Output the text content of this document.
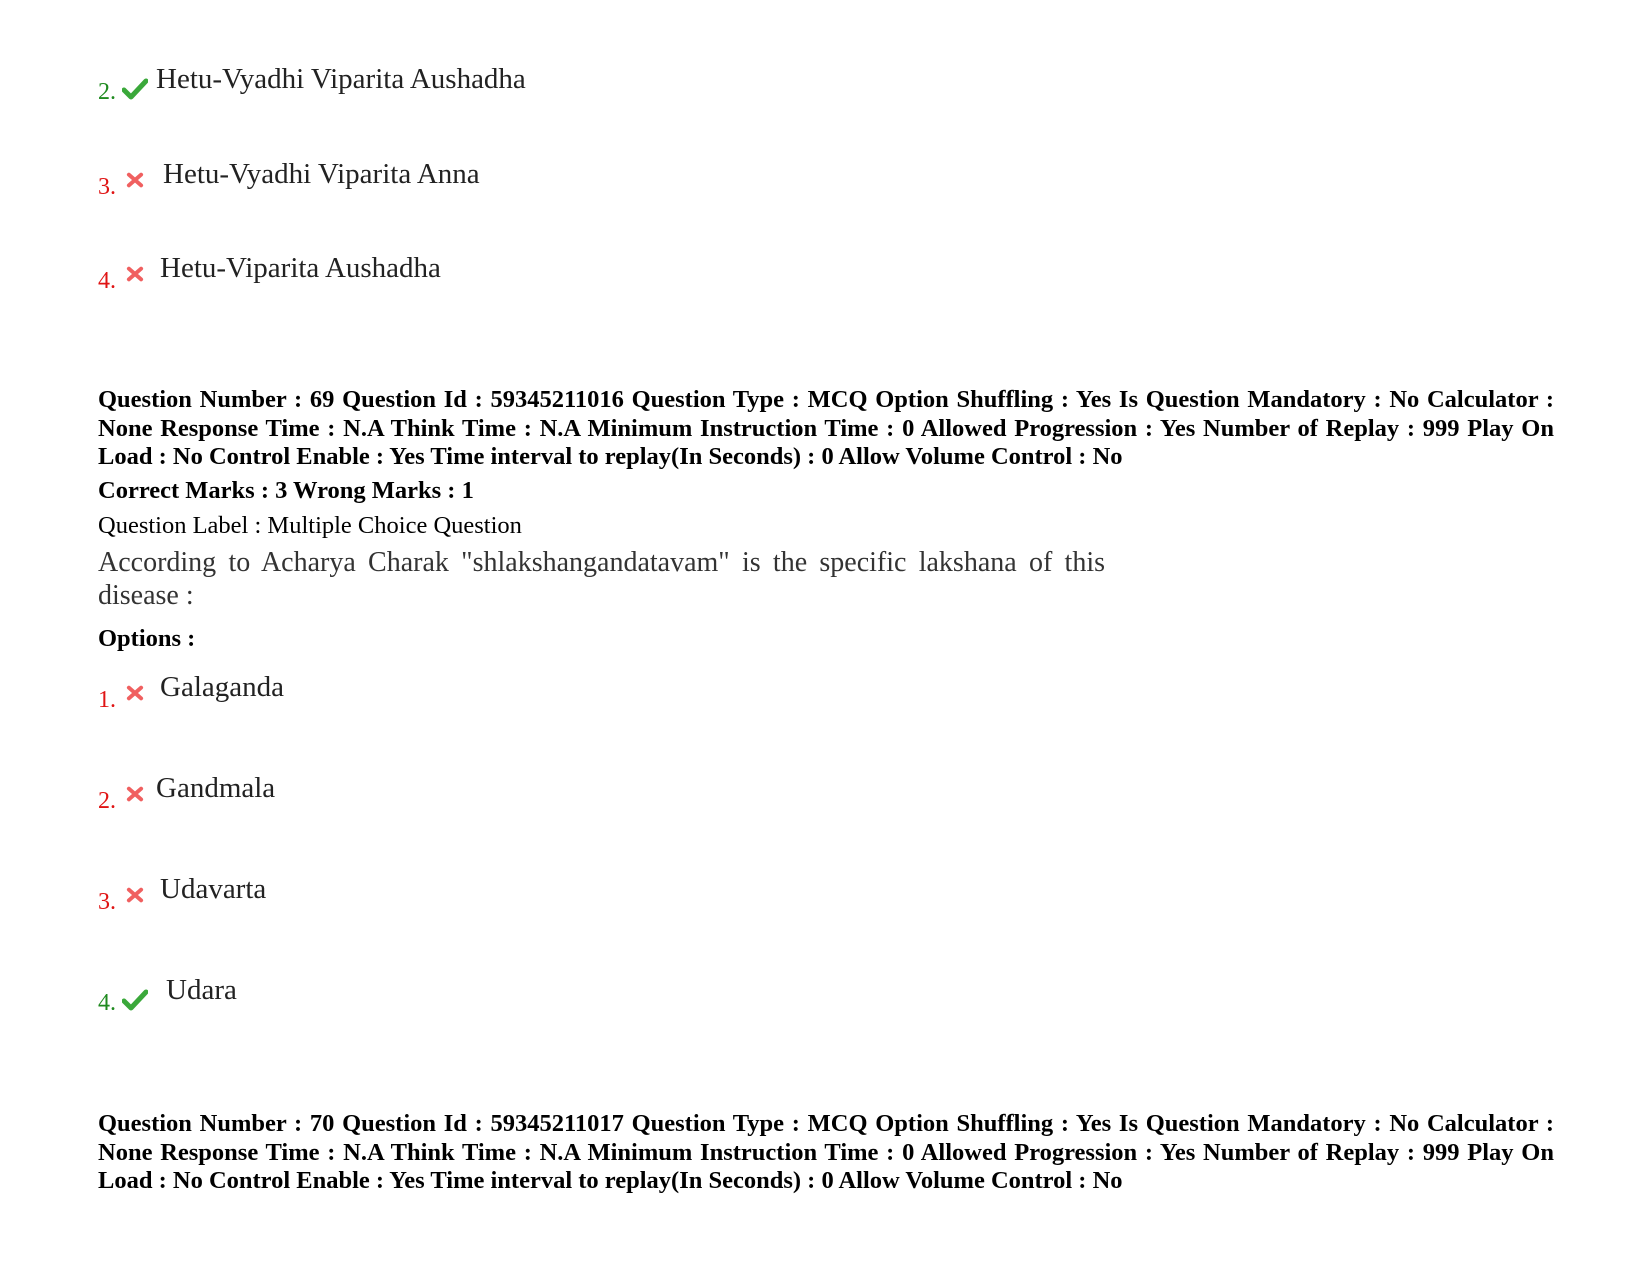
2. Hetu-Vyadhi Viparita Aushadha
3. Hetu-Vyadhi Viparita Anna
4. Hetu-Viparita Aushadha
Question Number : 69 Question Id : 59345211016 Question Type : MCQ Option Shuffling : Yes Is Question Mandatory : No Calculator : None Response Time : N.A Think Time : N.A Minimum Instruction Time : 0 Allowed Progression : Yes Number of Replay : 999 Play On Load : No Control Enable : Yes Time interval to replay(In Seconds) : 0 Allow Volume Control : No
Correct Marks : 3 Wrong Marks : 1
Question Label : Multiple Choice Question
According to Acharya Charak "shlakshangandatavam" is the specific lakshana of this disease :
Options :
1. Galaganda
2. Gandmala
3. Udavarta
4. Udara
Question Number : 70 Question Id : 59345211017 Question Type : MCQ Option Shuffling : Yes Is Question Mandatory : No Calculator : None Response Time : N.A Think Time : N.A Minimum Instruction Time : 0 Allowed Progression : Yes Number of Replay : 999 Play On Load : No Control Enable : Yes Time interval to replay(In Seconds) : 0 Allow Volume Control : No
